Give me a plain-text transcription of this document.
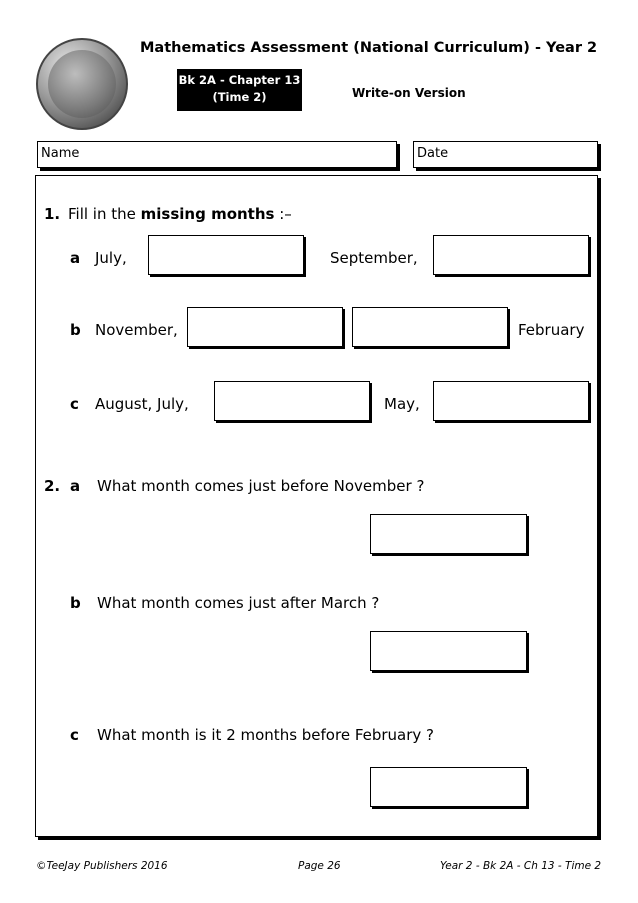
Mathematics Assessment (National Curriculum) - Year 2
Bk 2A - Chapter 13
(Time 2)	Write-on Version
Name	Date
1. Fill in the missing months :–
a July,	September,
b November,	February
c August, July,	May,
2. a What month comes just before November ?
b What month comes just after March ?
c What month is it 2 months before February ?
©TeeJay Publishers 2016	Page 26	Year 2 - Bk 2A - Ch 13 - Time 2
